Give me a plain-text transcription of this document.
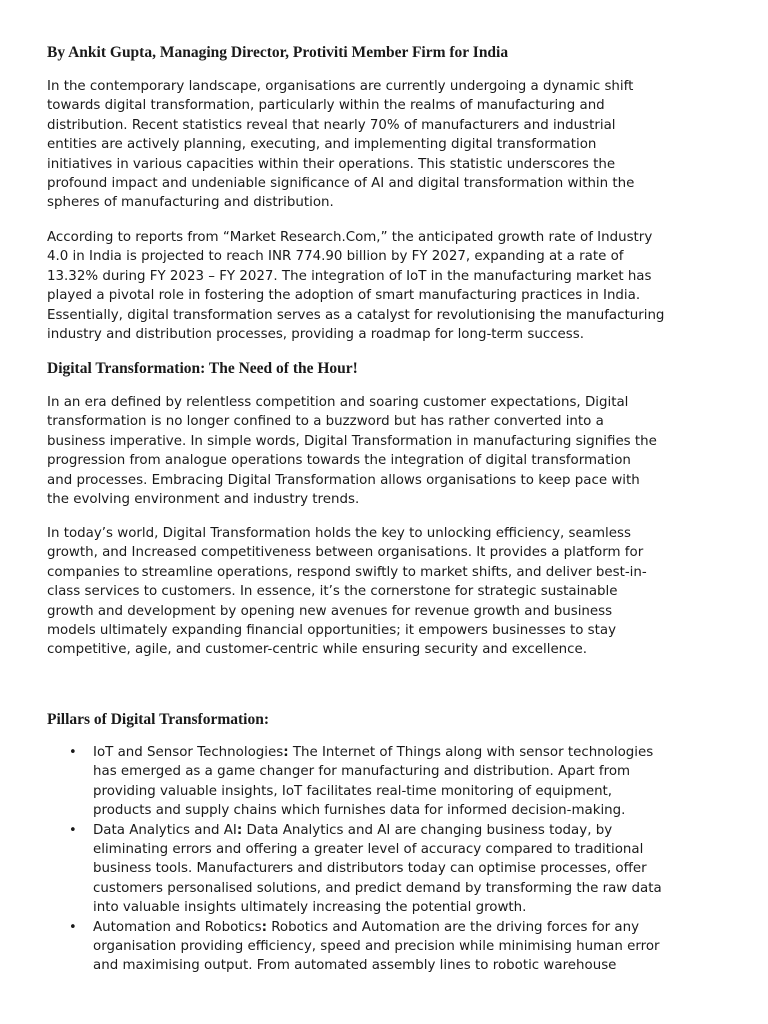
By Ankit Gupta, Managing Director, Protiviti Member Firm for India

In the contemporary landscape, organisations are currently undergoing a dynamic shift
towards digital transformation, particularly within the realms of manufacturing and
distribution. Recent statistics reveal that nearly 70% of manufacturers and industrial
entities are actively planning, executing, and implementing digital transformation
initiatives in various capacities within their operations. This statistic underscores the
profound impact and undeniable significance of AI and digital transformation within the
spheres of manufacturing and distribution.

According to reports from “Market Research.Com,” the anticipated growth rate of Industry
4.0 in India is projected to reach INR 774.90 billion by FY 2027, expanding at a rate of
13.32% during FY 2023 – FY 2027. The integration of IoT in the manufacturing market has
played a pivotal role in fostering the adoption of smart manufacturing practices in India.
Essentially, digital transformation serves as a catalyst for revolutionising the manufacturing
industry and distribution processes, providing a roadmap for long-term success.

Digital Transformation: The Need of the Hour!

In an era defined by relentless competition and soaring customer expectations, Digital
transformation is no longer confined to a buzzword but has rather converted into a
business imperative. In simple words, Digital Transformation in manufacturing signifies the
progression from analogue operations towards the integration of digital transformation
and processes. Embracing Digital Transformation allows organisations to keep pace with
the evolving environment and industry trends.

In today’s world, Digital Transformation holds the key to unlocking efficiency, seamless
growth, and Increased competitiveness between organisations. It provides a platform for
companies to streamline operations, respond swiftly to market shifts, and deliver best-in-
class services to customers. In essence, it’s the cornerstone for strategic sustainable
growth and development by opening new avenues for revenue growth and business
models ultimately expanding financial opportunities; it empowers businesses to stay
competitive, agile, and customer-centric while ensuring security and excellence.

Pillars of Digital Transformation:
• IoT and Sensor Technologies: The Internet of Things along with sensor technologies
has emerged as a game changer for manufacturing and distribution. Apart from
providing valuable insights, IoT facilitates real-time monitoring of equipment,
products and supply chains which furnishes data for informed decision-making.
• Data Analytics and AI: Data Analytics and AI are changing business today, by
eliminating errors and offering a greater level of accuracy compared to traditional
business tools. Manufacturers and distributors today can optimise processes, offer
customers personalised solutions, and predict demand by transforming the raw data
into valuable insights ultimately increasing the potential growth.
• Automation and Robotics: Robotics and Automation are the driving forces for any
organisation providing efficiency, speed and precision while minimising human error
and maximising output. From automated assembly lines to robotic warehouse
